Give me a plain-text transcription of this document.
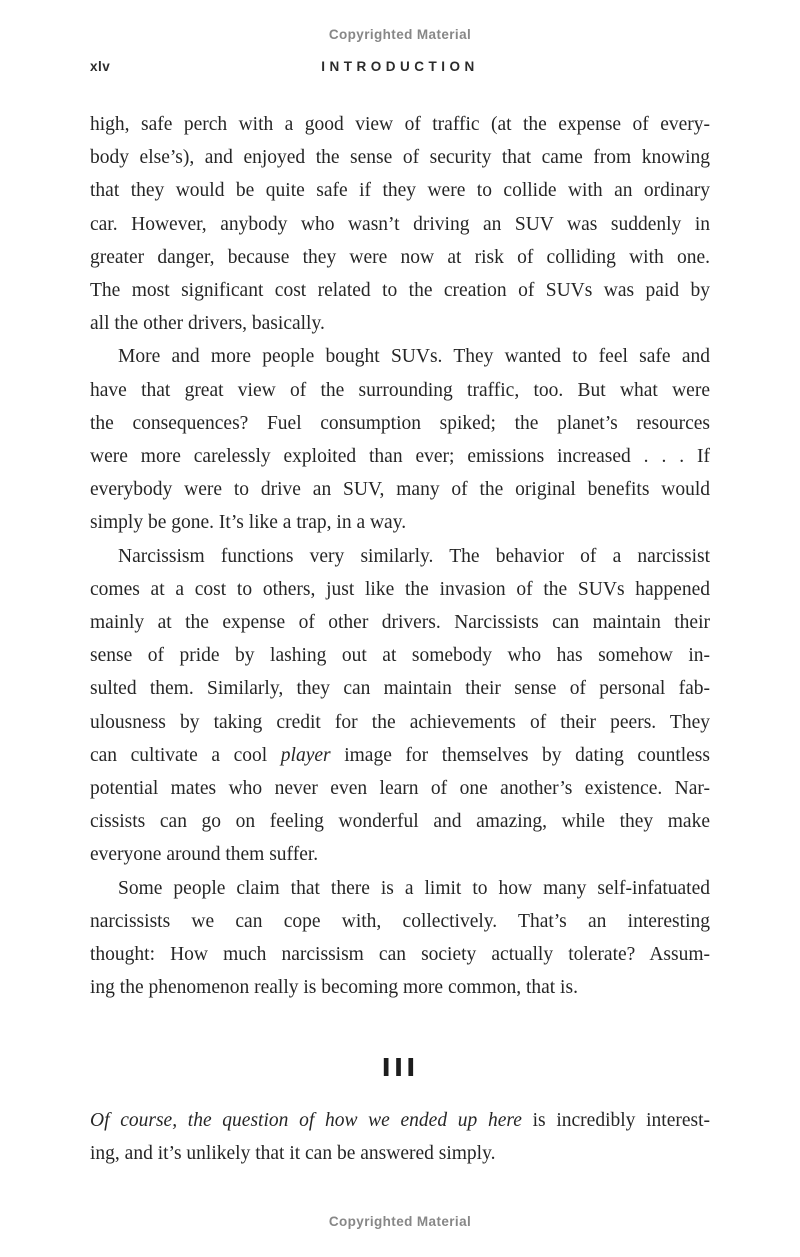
Copyrighted Material
xlv	INTRODUCTION
high, safe perch with a good view of traffic (at the expense of every-
body else’s), and enjoyed the sense of security that came from knowing
that they would be quite safe if they were to collide with an ordinary
car. However, anybody who wasn’t driving an SUV was suddenly in
greater danger, because they were now at risk of colliding with one.
The most significant cost related to the creation of SUVs was paid by
all the other drivers, basically.
More and more people bought SUVs. They wanted to feel safe and
have that great view of the surrounding traffic, too. But what were
the consequences? Fuel consumption spiked; the planet’s resources
were more carelessly exploited than ever; emissions increased . . . If
everybody were to drive an SUV, many of the original benefits would
simply be gone. It’s like a trap, in a way.
Narcissism functions very similarly. The behavior of a narcissist
comes at a cost to others, just like the invasion of the SUVs happened
mainly at the expense of other drivers. Narcissists can maintain their
sense of pride by lashing out at somebody who has somehow in-
sulted them. Similarly, they can maintain their sense of personal fab-
ulousness by taking credit for the achievements of their peers. They
can cultivate a cool player image for themselves by dating countless
potential mates who never even learn of one another’s existence. Nar-
cissists can go on feeling wonderful and amazing, while they make
everyone around them suffer.
Some people claim that there is a limit to how many self-infatuated
narcissists we can cope with, collectively. That’s an interesting
thought: How much narcissism can society actually tolerate? Assum-
ing the phenomenon really is becoming more common, that is.
III
Of course, the question of how we ended up here is incredibly interest-
ing, and it’s unlikely that it can be answered simply.
Copyrighted Material
